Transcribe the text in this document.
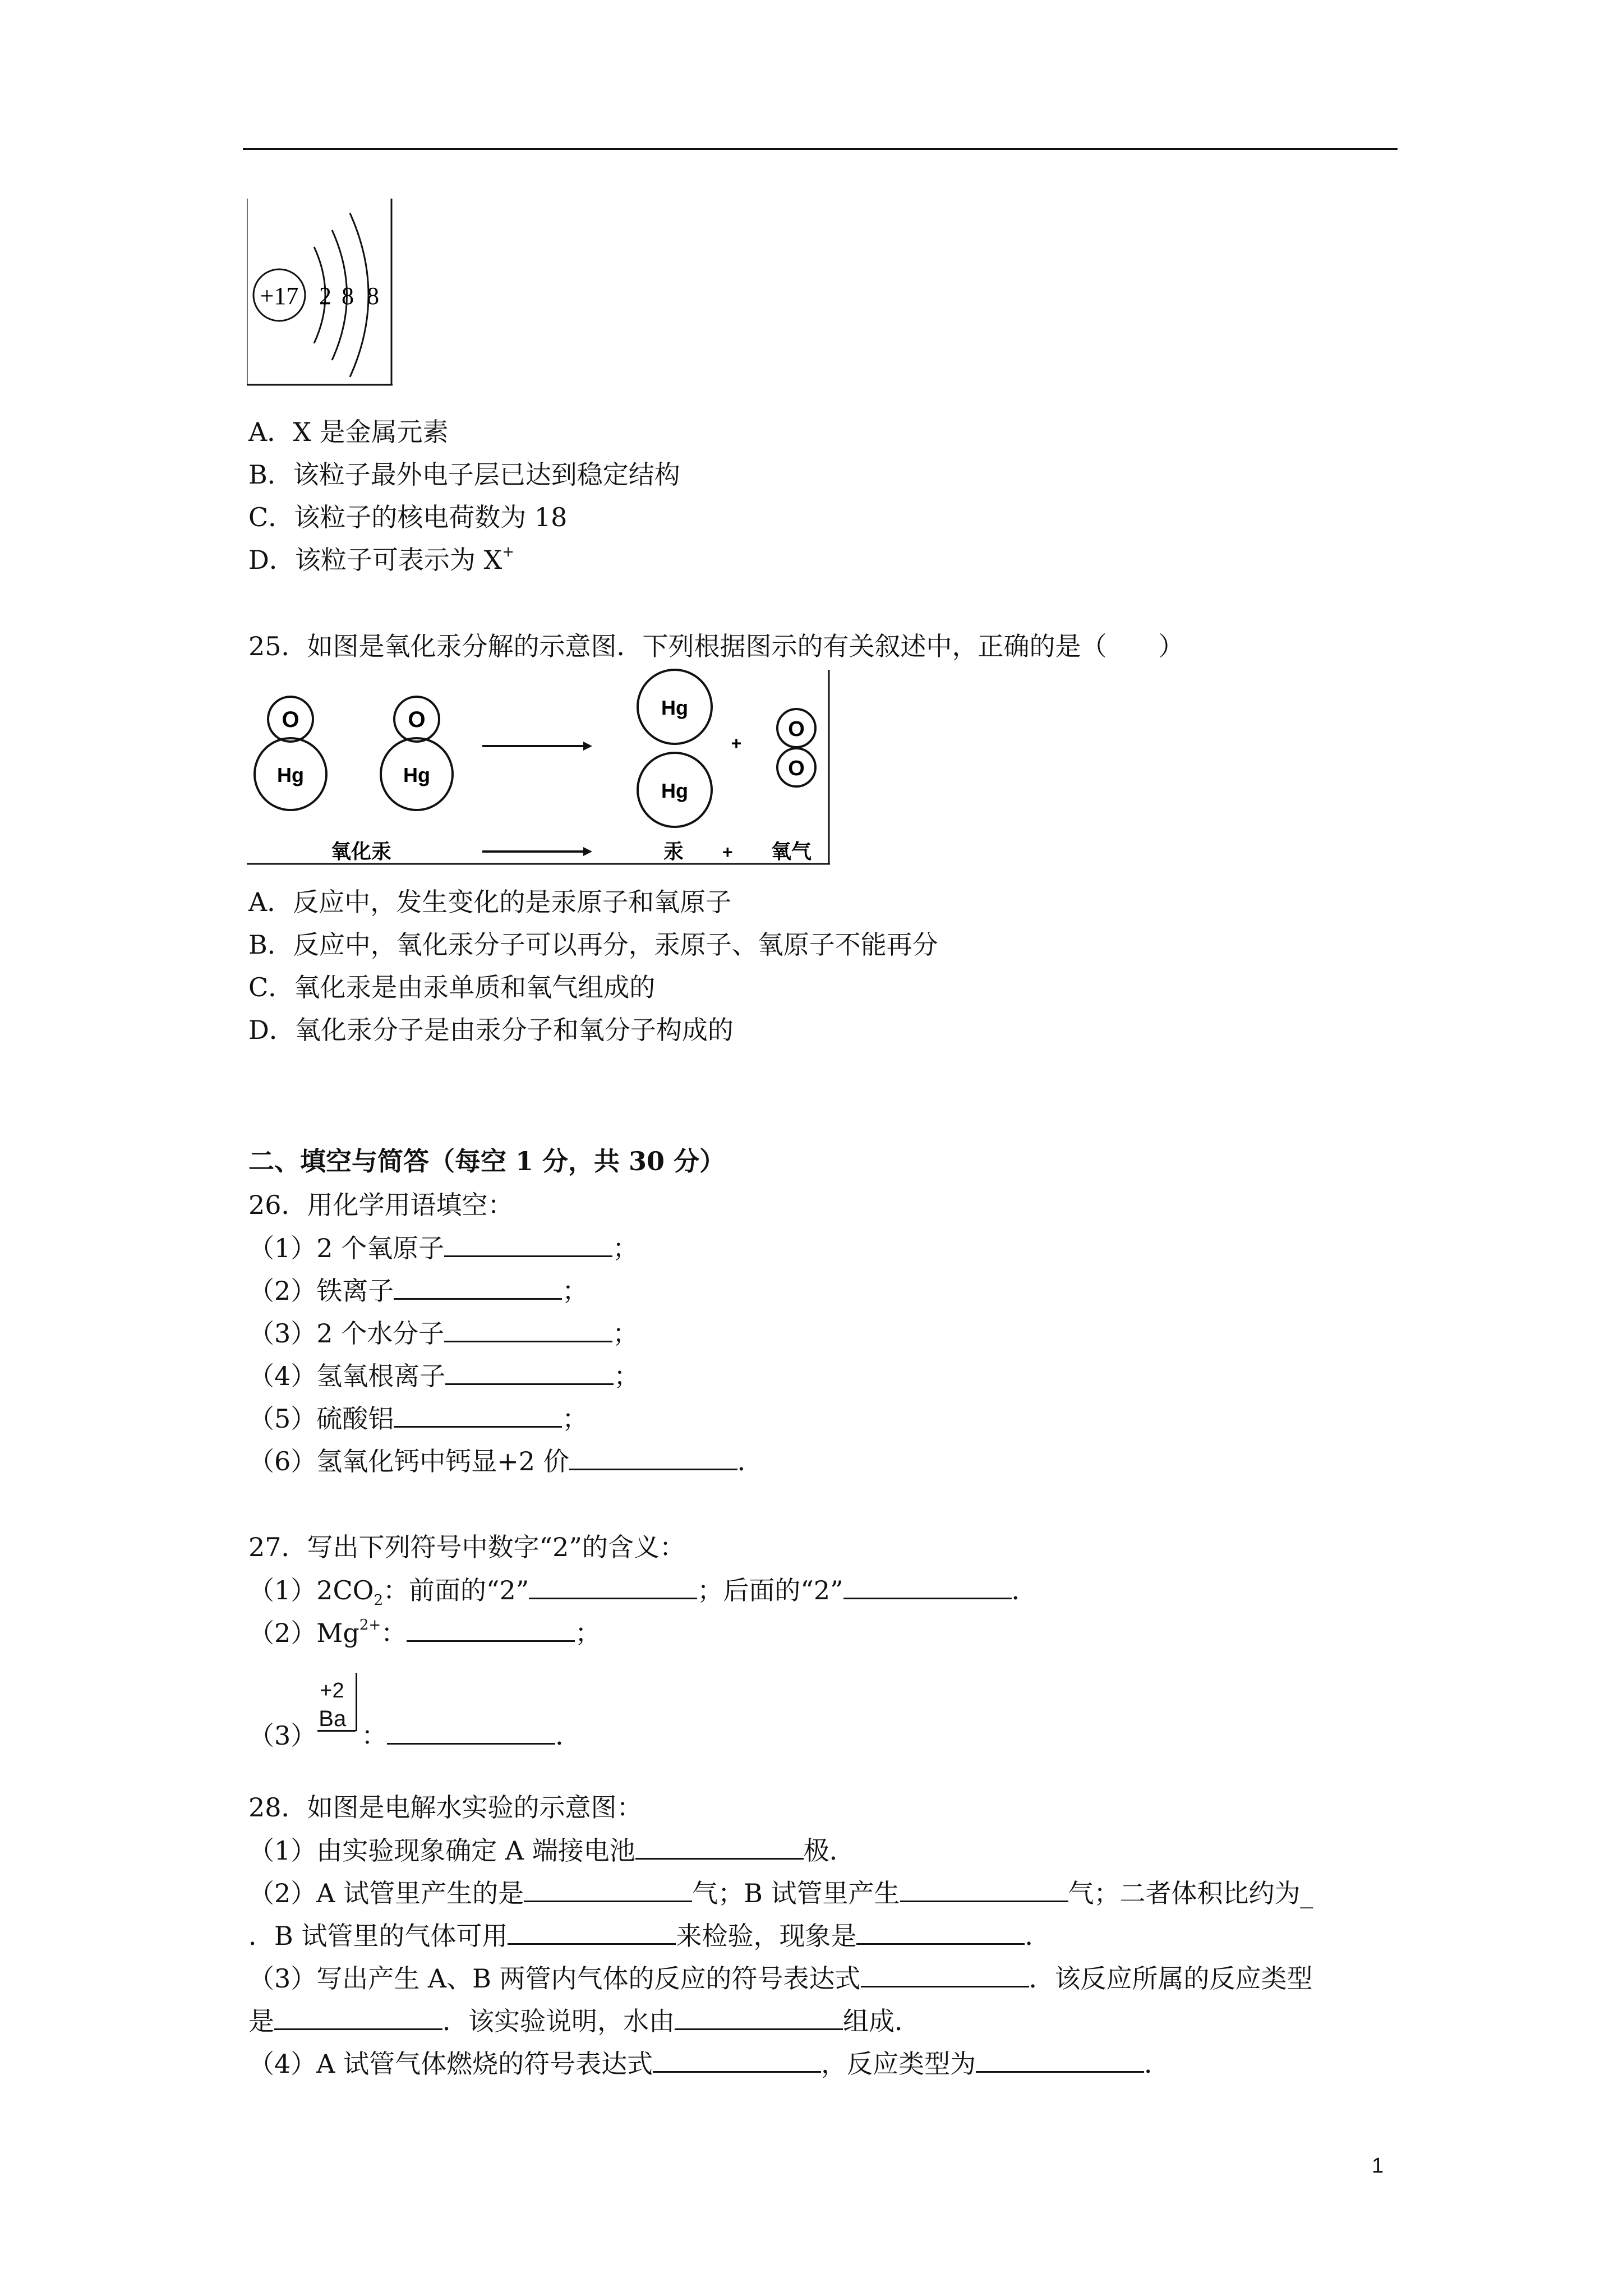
+17 2 8 8
A．X 是金属元素
B．该粒子最外电子层已达到稳定结构
C．该粒子的核电荷数为 18
D．该粒子可表示为 X+
25．如图是氧化汞分解的示意图．下列根据图示的有关叙述中，正确的是（　　）
O
Hg
O
Hg
Hg
Hg
+
O
O
氧化汞	汞 + 氧气
A．反应中，发生变化的是汞原子和氧原子
B．反应中，氧化汞分子可以再分，汞原子、氧原子不能再分
C．氧化汞是由汞单质和氧气组成的
D．氧化汞分子是由汞分子和氧分子构成的
二、填空与简答（每空 1 分，共 30 分）
26．用化学用语填空：
（1）2 个氧原子	；
（2）铁离子	；
（3）2 个水分子	；
（4）氢氧根离子	；
（5）硫酸铝	；
（6）氢氧化钙中钙显+2 价	．
27．写出下列符号中数字“2”的含义：
$(1)2CO_2$：前面的“2”	；后面的“2”	．
$(2)Mg^{2+}$：	；
（3）
+2
Ba
：	．
28．如图是电解水实验的示意图：
（1）由实验现象确定 A 端接电池	极．
（2）A 试管里产生的是	气；B 试管里产生	气；二者体积比约为_
．B 试管里的气体可用	来检验，现象是	．
（3）写出产生 A、B 两管内气体的反应的符号表达式	．该反应所属的反应类型
是	．该实验说明，水由	组成．
（4）A 试管气体燃烧的符号表达式	，反应类型为	．
1
